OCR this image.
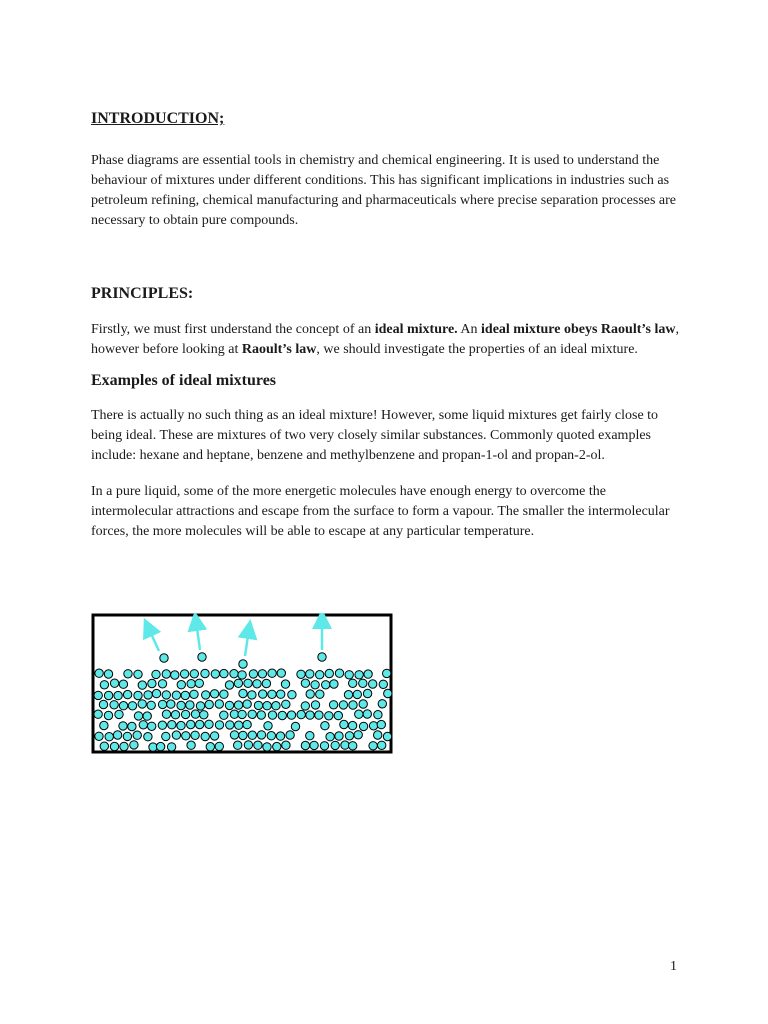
INTRODUCTION;

Phase diagrams are essential tools in chemistry and chemical engineering. It is used to understand the behaviour of mixtures under different conditions. This has significant implications in industries such as petroleum refining, chemical manufacturing and pharmaceuticals where precise separation processes are necessary to obtain pure compounds.

PRINCIPLES:

Firstly, we must first understand the concept of an ideal mixture. An ideal mixture obeys Raoult’s law, however before looking at Raoult’s law, we should investigate the properties of an ideal mixture.

Examples of ideal mixtures

There is actually no such thing as an ideal mixture! However, some liquid mixtures get fairly close to being ideal. These are mixtures of two very closely similar substances. Commonly quoted examples include: hexane and heptane, benzene and methylbenzene and propan-1-ol and propan-2-ol.

In a pure liquid, some of the more energetic molecules have enough energy to overcome the intermolecular attractions and escape from the surface to form a vapour. The smaller the intermolecular forces, the more molecules will be able to escape at any particular temperature.

1
